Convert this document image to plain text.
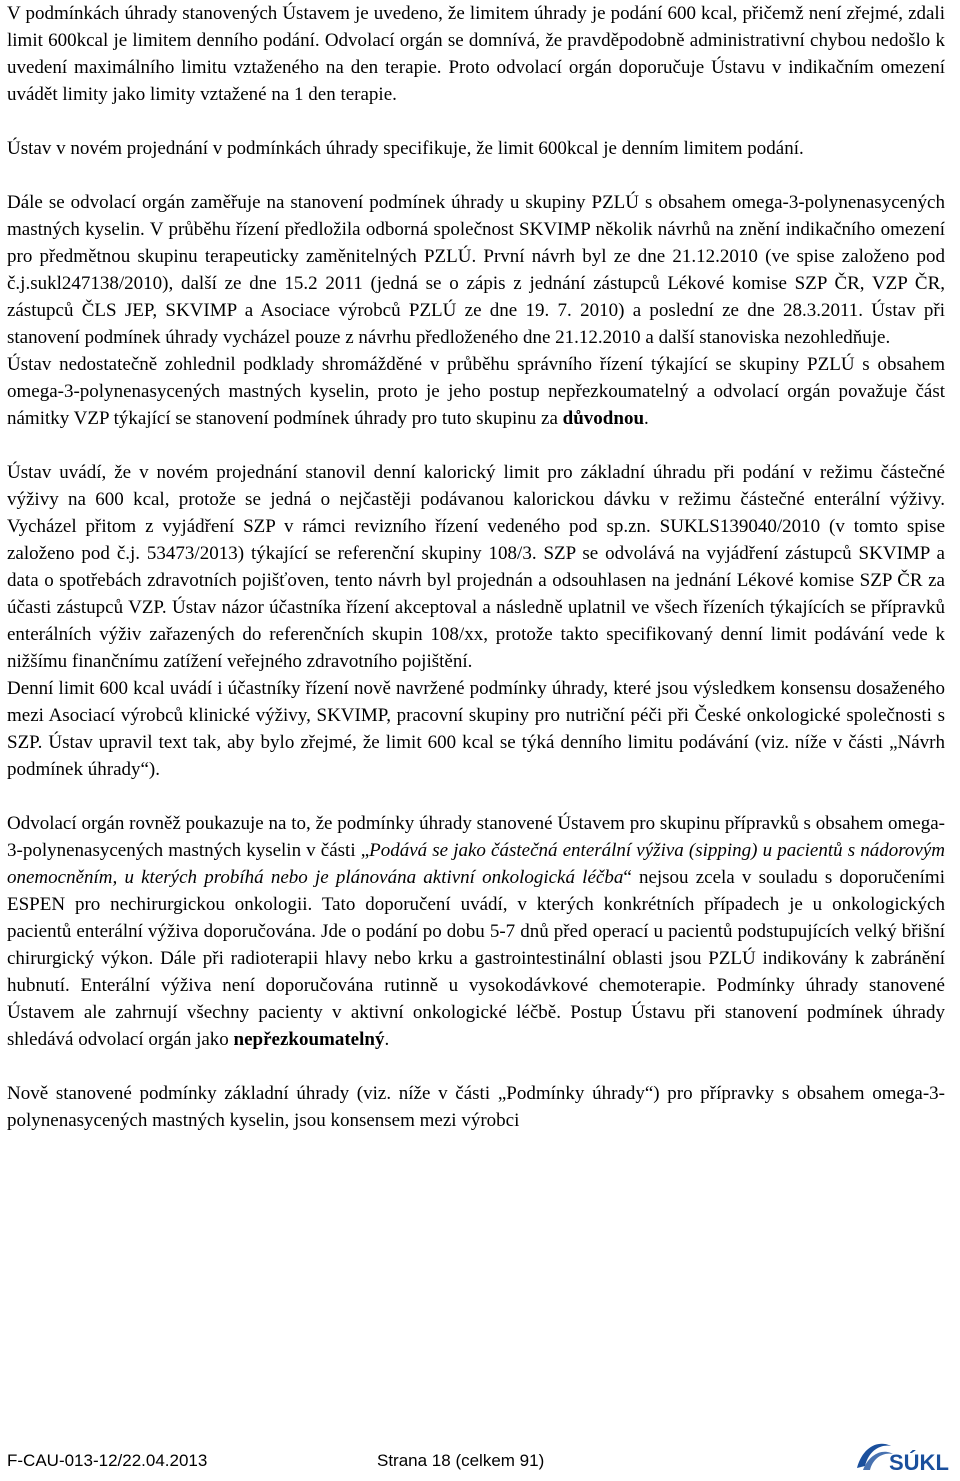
V podmínkách úhrady stanovených Ústavem je uvedeno, že limitem úhrady je podání 600 kcal, přičemž není zřejmé, zdali limit 600kcal je limitem denního podání. Odvolací orgán se domnívá, že pravděpodobně administrativní chybou nedošlo k uvedení maximálního limitu vztaženého na den terapie. Proto odvolací orgán doporučuje Ústavu v indikačním omezení uvádět limity jako limity vztažené na 1 den terapie.

Ústav v novém projednání v podmínkách úhrady specifikuje, že limit 600kcal je denním limitem podání.

Dále se odvolací orgán zaměřuje na stanovení podmínek úhrady u skupiny PZLÚ s obsahem omega-3-polynenasycených mastných kyselin. V průběhu řízení předložila odborná společnost SKVIMP několik návrhů na znění indikačního omezení pro předmětnou skupinu terapeuticky zaměnitelných PZLÚ. První návrh byl ze dne 21.12.2010 (ve spise založeno pod č.j.sukl247138/2010), další ze dne 15.2 2011 (jedná se o zápis z jednání zástupců Lékové komise SZP ČR, VZP ČR, zástupců ČLS JEP, SKVIMP a Asociace výrobců PZLÚ ze dne 19. 7. 2010) a poslední ze dne 28.3.2011. Ústav při stanovení podmínek úhrady vycházel pouze z návrhu předloženého dne 21.12.2010 a další stanoviska nezohledňuje.

Ústav nedostatečně zohlednil podklady shromážděné v průběhu správního řízení týkající se skupiny PZLÚ s obsahem omega-3-polynenasycených mastných kyselin, proto je jeho postup nepřezkoumatelný a odvolací orgán považuje část námitky VZP týkající se stanovení podmínek úhrady pro tuto skupinu za důvodnou.

Ústav uvádí, že v novém projednání stanovil denní kalorický limit pro základní úhradu při podání v režimu částečné výživy na 600 kcal, protože se jedná o nejčastěji podávanou kalorickou dávku v režimu částečné enterální výživy. Vycházel přitom z vyjádření SZP v rámci revizního řízení vedeného pod sp.zn. SUKLS139040/2010 (v tomto spise založeno pod č.j. 53473/2013) týkající se referenční skupiny 108/3. SZP se odvolává na vyjádření zástupců SKVIMP a data o spotřebách zdravotních pojišťoven, tento návrh byl projednán a odsouhlasen na jednání Lékové komise SZP ČR za účasti zástupců VZP. Ústav názor účastníka řízení akceptoval a následně uplatnil ve všech řízeních týkajících se přípravků enterálních výživ zařazených do referenčních skupin 108/xx, protože takto specifikovaný denní limit podávání vede k nižšímu finančnímu zatížení veřejného zdravotního pojištění.

Denní limit 600 kcal uvádí i účastníky řízení nově navržené podmínky úhrady, které jsou výsledkem konsensu dosaženého mezi Asociací výrobců klinické výživy, SKVIMP, pracovní skupiny pro nutriční péči při České onkologické společnosti s SZP. Ústav upravil text tak, aby bylo zřejmé, že limit 600 kcal se týká denního limitu podávání (viz. níže v části „Návrh podmínek úhrady“).

Odvolací orgán rovněž poukazuje na to, že podmínky úhrady stanovené Ústavem pro skupinu přípravků s obsahem omega-3-polynenasycených mastných kyselin v části „Podává se jako částečná enterální výživa (sipping) u pacientů s nádorovým onemocněním, u kterých probíhá nebo je plánována aktivní onkologická léčba“ nejsou zcela v souladu s doporučeními ESPEN pro nechirurgickou onkologii. Tato doporučení uvádí, v kterých konkrétních případech je u onkologických pacientů enterální výživa doporučována. Jde o podání po dobu 5-7 dnů před operací u pacientů podstupujících velký břišní chirurgický výkon. Dále při radioterapii hlavy nebo krku a gastrointestinální oblasti jsou PZLÚ indikovány k zabránění hubnutí. Enterální výživa není doporučována rutinně u vysokodávkové chemoterapie. Podmínky úhrady stanovené Ústavem ale zahrnují všechny pacienty v aktivní onkologické léčbě. Postup Ústavu při stanovení podmínek úhrady shledává odvolací orgán jako nepřezkoumatelný.

Nově stanovené podmínky základní úhrady (viz. níže v části „Podmínky úhrady“) pro přípravky s obsahem omega-3-polynenasycených mastných kyselin, jsou konsensem mezi výrobci

F-CAU-013-12/22.04.2013	Strana 18 (celkem 91)	SÚKL
